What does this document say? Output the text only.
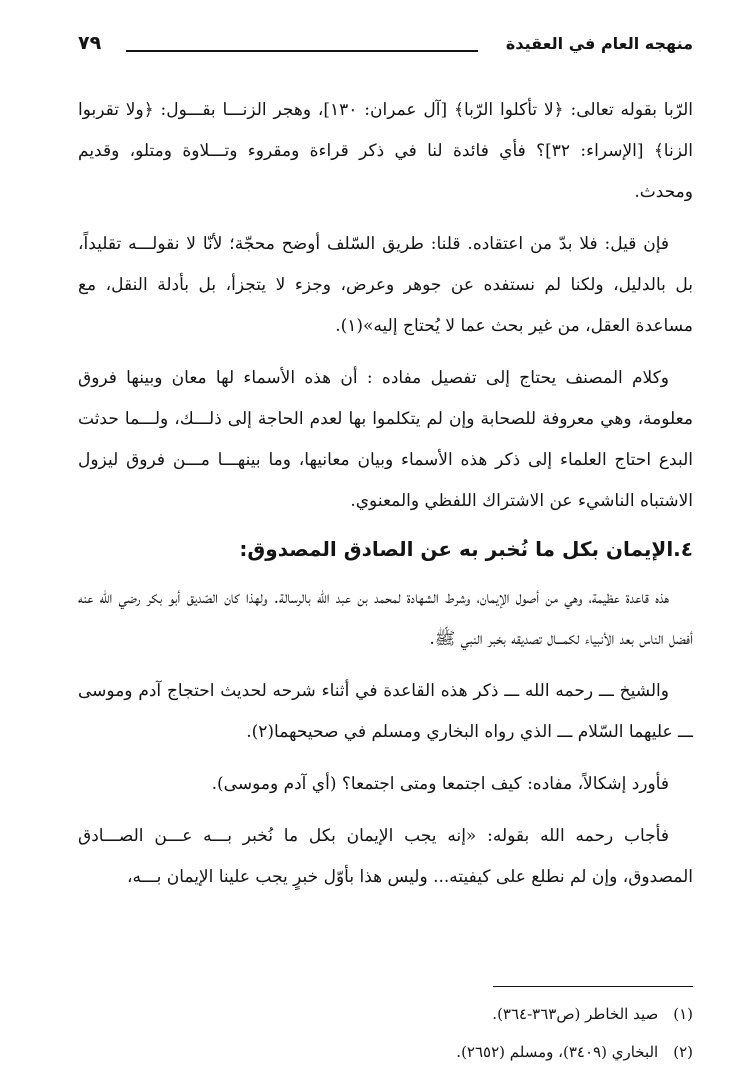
منهجه العام في العقيدة
٧٩

الرّبا بقوله تعالى: ﴿لا تأكلوا الرّبا﴾ [آل عمران: ١٣٠]، وهجر الزنـــا بقـــول: ﴿ولا تقربوا الزنا﴾ [الإسراء: ٣٢]؟ فأي فائدة لنا في ذكر قراءة ومقروء وتـــلاوة ومتلو، وقديم ومحدث.

فإن قيل: فلا بدّ من اعتقاده. قلنا: طريق السّلف أوضح محجّة؛ لأنّا لا نقولـــه تقليداً، بل بالدليل، ولكنا لم نستفده عن جوهر وعرض، وجزء لا يتجزأ، بل بأدلة النقل، مع مساعدة العقل، من غير بحث عما لا يُحتاج إليه»(١).

وكلام المصنف يحتاج إلى تفصيل مفاده : أن هذه الأسماء لها معان وبينها فروق معلومة، وهي معروفة للصحابة وإن لم يتكلموا بها لعدم الحاجة إلى ذلـــك، ولـــما حدثت البدع احتاج العلماء إلى ذكر هذه الأسماء وبيان معانيها، وما بينهـــا مـــن فروق ليزول الاشتباه الناشيء عن الاشتراك اللفظي والمعنوي.

٤.الإيمان بكل ما نُخبر به عن الصادق المصدوق:

هذه قاعدة عظيمة، وهي من أصول الإيمان، وشرط الشهادة لمحمد بن عبد الله بالرسالة. ولهذا كان الصّديق أبو بكر رضي الله عنه أفضل الناس بعد الأنبياء لكمـــال تصديقه بخبر النبي ﷺ.

والشيخ ـــ رحمه الله ـــ ذكر هذه القاعدة في أثناء شرحه لحديث احتجاج آدم وموسى ـــ عليهما السّلام ـــ الذي رواه البخاري ومسلم في صحيحهما(٢).

فأورد إشكالاً، مفاده: كيف اجتمعا ومتى اجتمعا؟ (أي آدم وموسى).

فأجاب رحمه الله بقوله: «إنه يجب الإيمان بكل ما نُخبر بـــه عـــن الصـــادق المصدوق، وإن لم نطلع على كيفيته... وليس هذا بأوّل خبرٍ يجب علينا الإيمان بـــه،

(١) صيد الخاطر (ص٣٦٣-٣٦٤).
(٢) البخاري (٣٤٠٩)، ومسلم (٢٦٥٢).
